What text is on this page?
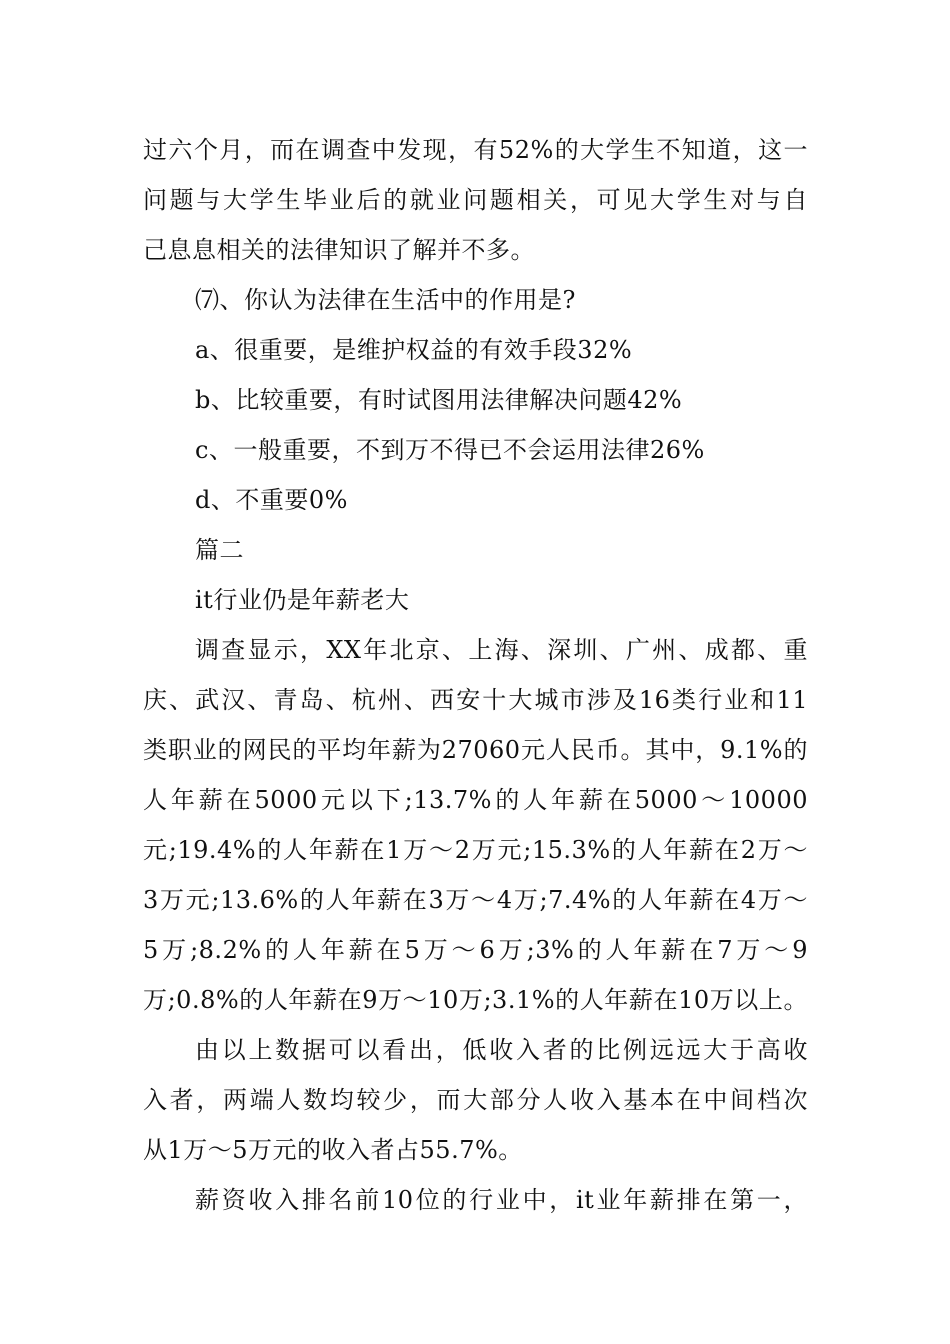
过六个月，而在调查中发现，有52%的大学生不知道，这一
问题与大学生毕业后的就业问题相关，可见大学生对与自
己息息相关的法律知识了解并不多。
⑺、你认为法律在生活中的作用是?
a、很重要，是维护权益的有效手段32%
b、比较重要，有时试图用法律解决问题42%
c、一般重要，不到万不得已不会运用法律26%
d、不重要0%
篇二
it行业仍是年薪老大
调查显示，XX年北京、上海、深圳、广州、成都、重
庆、武汉、青岛、杭州、西安十大城市涉及16类行业和11
类职业的网民的平均年薪为27060元人民币。其中，9.1%的
人年薪在5000元以下;13.7%的人年薪在5000～10000
元;19.4%的人年薪在1万～2万元;15.3%的人年薪在2万～
3万元;13.6%的人年薪在3万～4万;7.4%的人年薪在4万～
5万;8.2%的人年薪在5万～6万;3%的人年薪在7万～9
万;0.8%的人年薪在9万～10万;3.1%的人年薪在10万以上。
由以上数据可以看出，低收入者的比例远远大于高收
入者，两端人数均较少，而大部分人收入基本在中间档次
从1万～5万元的收入者占55.7%。
薪资收入排名前10位的行业中，it业年薪排在第一，
